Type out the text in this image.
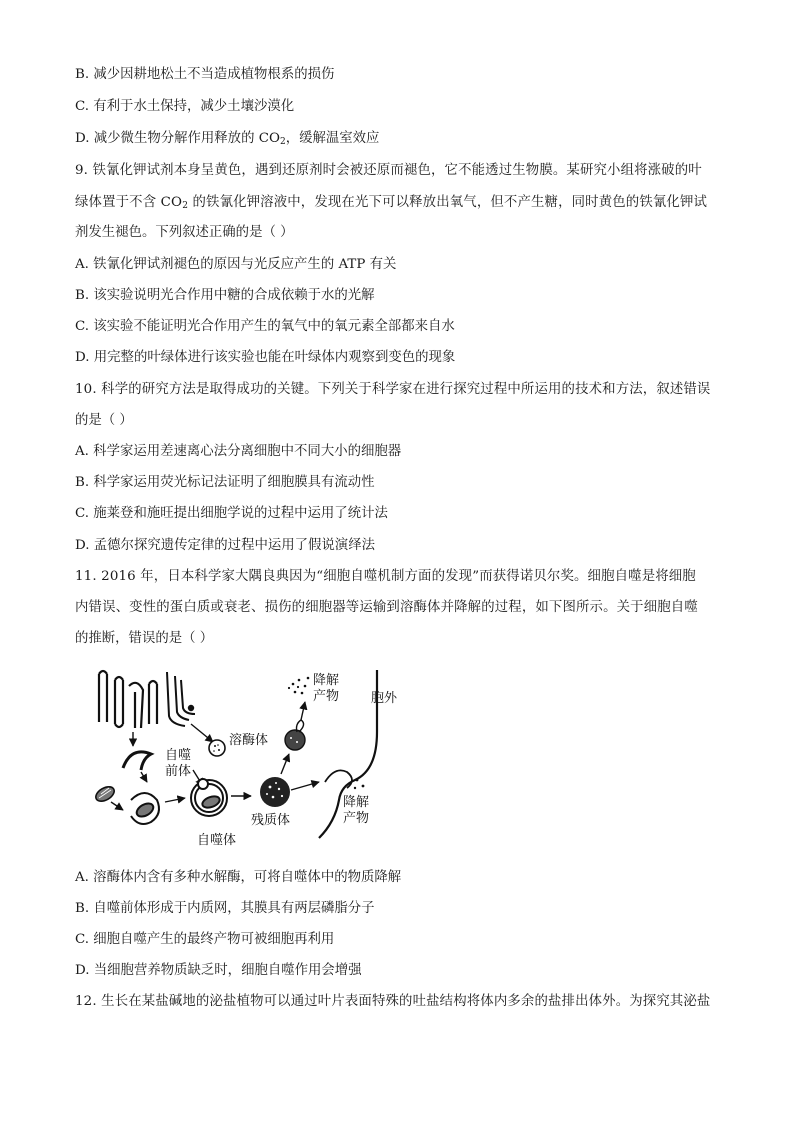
B. 减少因耕地松土不当造成植物根系的损伤
C. 有利于水土保持，减少土壤沙漠化
D. 减少微生物分解作用释放的 $CO_2$，缓解温室效应
9. 铁氰化钾试剂本身呈黄色，遇到还原剂时会被还原而褪色，它不能透过生物膜。某研究小组将涨破的叶
绿体置于不含 $CO_2$ 的铁氰化钾溶液中，发现在光下可以释放出氧气，但不产生糖，同时黄色的铁氰化钾试
剂发生褪色。下列叙述正确的是（ ）
A. 铁氰化钾试剂褪色的原因与光反应产生的 ATP 有关
B. 该实验说明光合作用中糖的合成依赖于水的光解
C. 该实验不能证明光合作用产生的氧气中的氧元素全部都来自水
D. 用完整的叶绿体进行该实验也能在叶绿体内观察到变色的现象
10. 科学的研究方法是取得成功的关键。下列关于科学家在进行探究过程中所运用的技术和方法，叙述错误
的是（ ）
A. 科学家运用差速离心法分离细胞中不同大小的细胞器
B. 科学家运用荧光标记法证明了细胞膜具有流动性
C. 施莱登和施旺提出细胞学说的过程中运用了统计法
D. 孟德尔探究遗传定律的过程中运用了假说演绎法
11. 2016 年，日本科学家大隅良典因为“细胞自噬机制方面的发现”而获得诺贝尔奖。细胞自噬是将细胞
内错误、变性的蛋白质或衰老、损伤的细胞器等运输到溶酶体并降解的过程，如下图所示。关于细胞自噬
的推断，错误的是（ ）
溶酶体
自噬
前体
自噬体
残质体
降解
产物 胞外
降解
产物
A. 溶酶体内含有多种水解酶，可将自噬体中的物质降解
B. 自噬前体形成于内质网，其膜具有两层磷脂分子
C. 细胞自噬产生的最终产物可被细胞再利用
D. 当细胞营养物质缺乏时，细胞自噬作用会增强
12. 生长在某盐碱地的泌盐植物可以通过叶片表面特殊的吐盐结构将体内多余的盐排出体外。为探究其泌盐
